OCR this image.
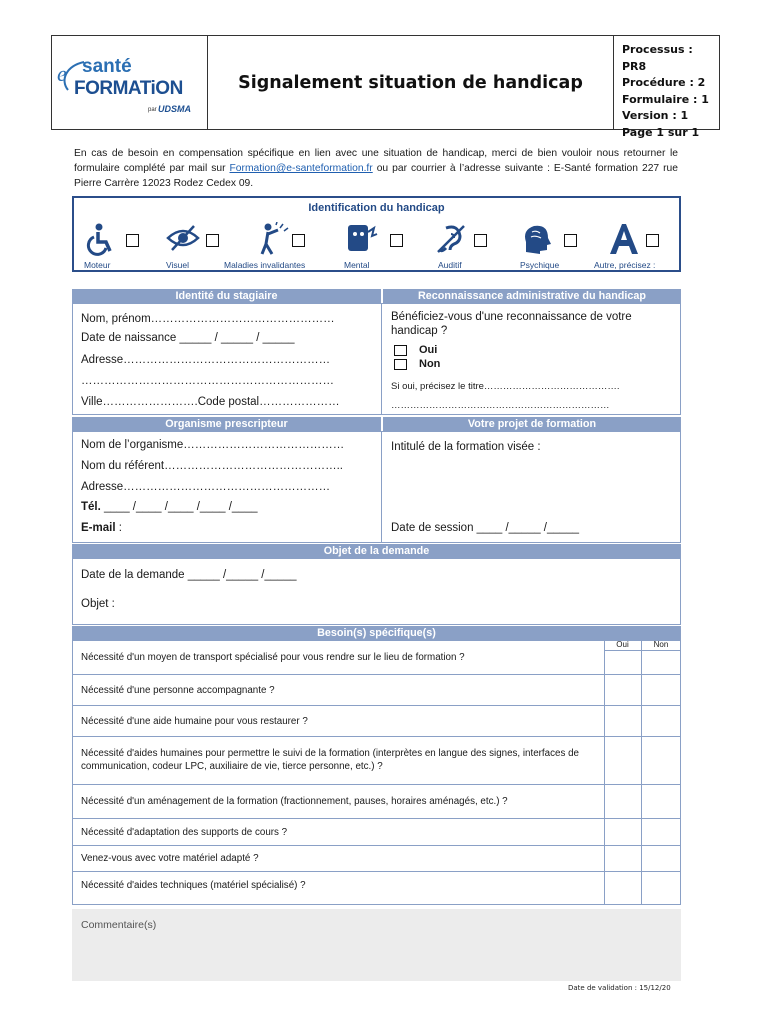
e santé
FORMATiON
par UDSMA
Signalement situation de handicap
Processus : PR8
Procédure : 2
Formulaire : 1
Version : 1
Page 1 sur 1
En cas de besoin en compensation spécifique en lien avec une situation de handicap, merci de bien vouloir nous retourner le formulaire complété par mail sur Formation@e-santeformation.fr ou par courrier à l’adresse suivante : E-Santé formation 227 rue Pierre Carrère 12023 Rodez Cedex 09.
Identification du handicap
Moteur	Visuel	Maladies invalidantes	Mental	Auditif	Psychique	Autre, précisez :
Identité du stagiaire	Reconnaissance administrative du handicap
Nom, prénom…………………………………………
Date de naissance _____ / _____ / _____
Adresse………………………………………………
…………………………………………………………
Ville…………………….Code postal…………………
Bénéficiez-vous d'une reconnaissance de votre handicap ?
Oui
Non
Si oui, précisez le titre…………………………………….
……………………………………………………………
Organisme prescripteur	Votre projet de formation
Nom de l’organisme……………………………………
Nom du référent………………………………………..
Adresse………………………………………………
Tél. ____ /____ /____ /____ /____
E-mail :
Intitulé de la formation visée :
Date de session ____ /_____ /_____
Objet de la demande
Date de la demande _____ /_____ /_____
Objet :
Besoin(s) spécifique(s)
Oui	Non
Nécessité d'un moyen de transport spécialisé pour vous rendre sur le lieu de formation ?
Nécessité d'une personne accompagnante ?
Nécessité d'une aide humaine pour vous restaurer ?
Nécessité d'aides humaines pour permettre le suivi de la formation (interprètes en langue des signes, interfaces de communication, codeur LPC, auxiliaire de vie, tierce personne, etc.) ?
Nécessité d'un aménagement de la formation (fractionnement, pauses, horaires aménagés, etc.) ?
Nécessité d'adaptation des supports de cours ?
Venez-vous avec votre matériel adapté ?
Nécessité d'aides techniques (matériel spécialisé) ?
Commentaire(s)
Date de validation : 15/12/20
